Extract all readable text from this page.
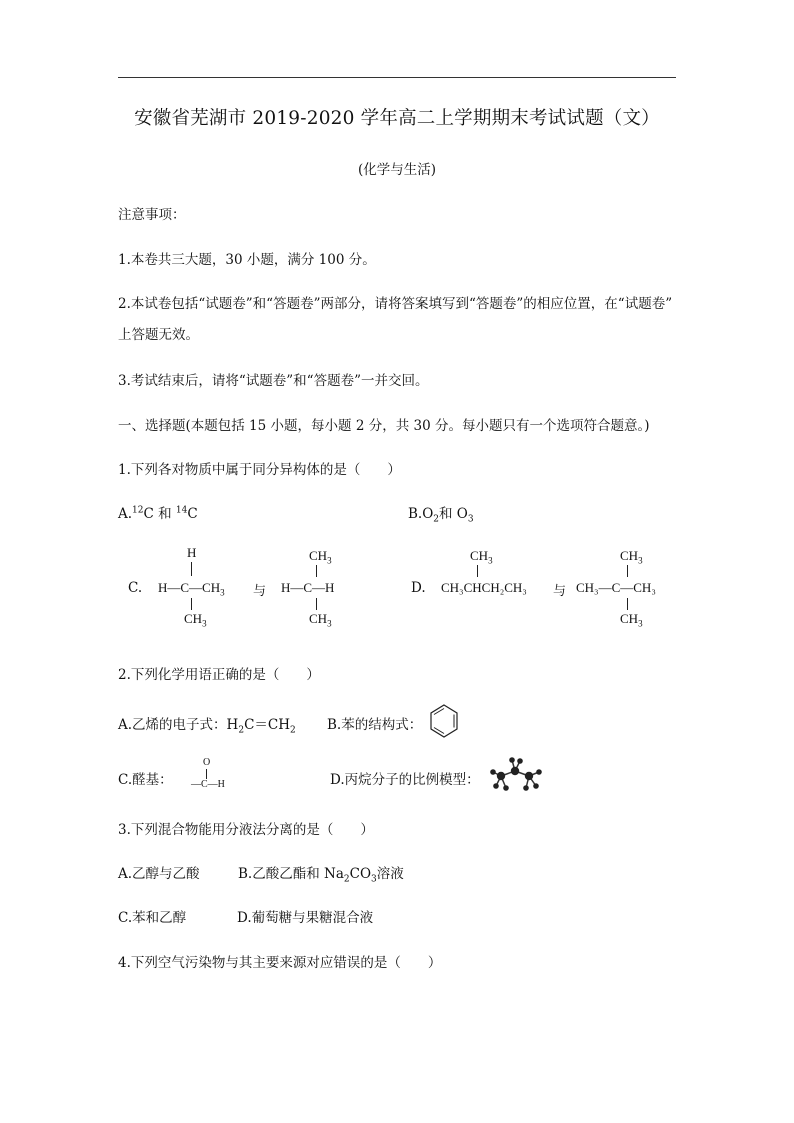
安徽省芜湖市 2019-2020 学年高二上学期期末考试试题（文）
(化学与生活)
注意事项：
1.本卷共三大题，30 小题，满分 100 分。
2.本试卷包括“试题卷”和“答题卷”两部分，请将答案填写到“答题卷”的相应位置，在“试题卷”
上答题无效。
3.考试结束后，请将“试题卷”和“答题卷”一并交回。
一、选择题(本题包括 15 小题，每小题 2 分，共 30 分。每小题只有一个选项符合题意。)
1.下列各对物质中属于同分异构体的是（　　）
A.$^{12}$C 和 $^{14}$C	$B.O_2$和 $O_3$
C.
H
$H—C—CH_3$
$CH_3$
与
$CH_3$
H—C—H
$CH_3$
D.
$CH_3$
CH₃CHCH₂CH₃ 与
$CH_3$
CH₃—C—CH₃
$CH_3$
2.下列化学用语正确的是（　　）
A.乙烯的电子式：$H_2C=CH_2$ B.苯的结构式：
C.醛基：
O
—C—H	D.丙烷分子的比例模型：
3.下列混合物能用分液法分离的是（　　）
A.乙醇与乙酸	B.乙酸乙酯和 $Na_2CO_3$溶液
C.苯和乙醇	D.葡萄糖与果糖混合液
4.下列空气污染物与其主要来源对应错误的是（　　）
